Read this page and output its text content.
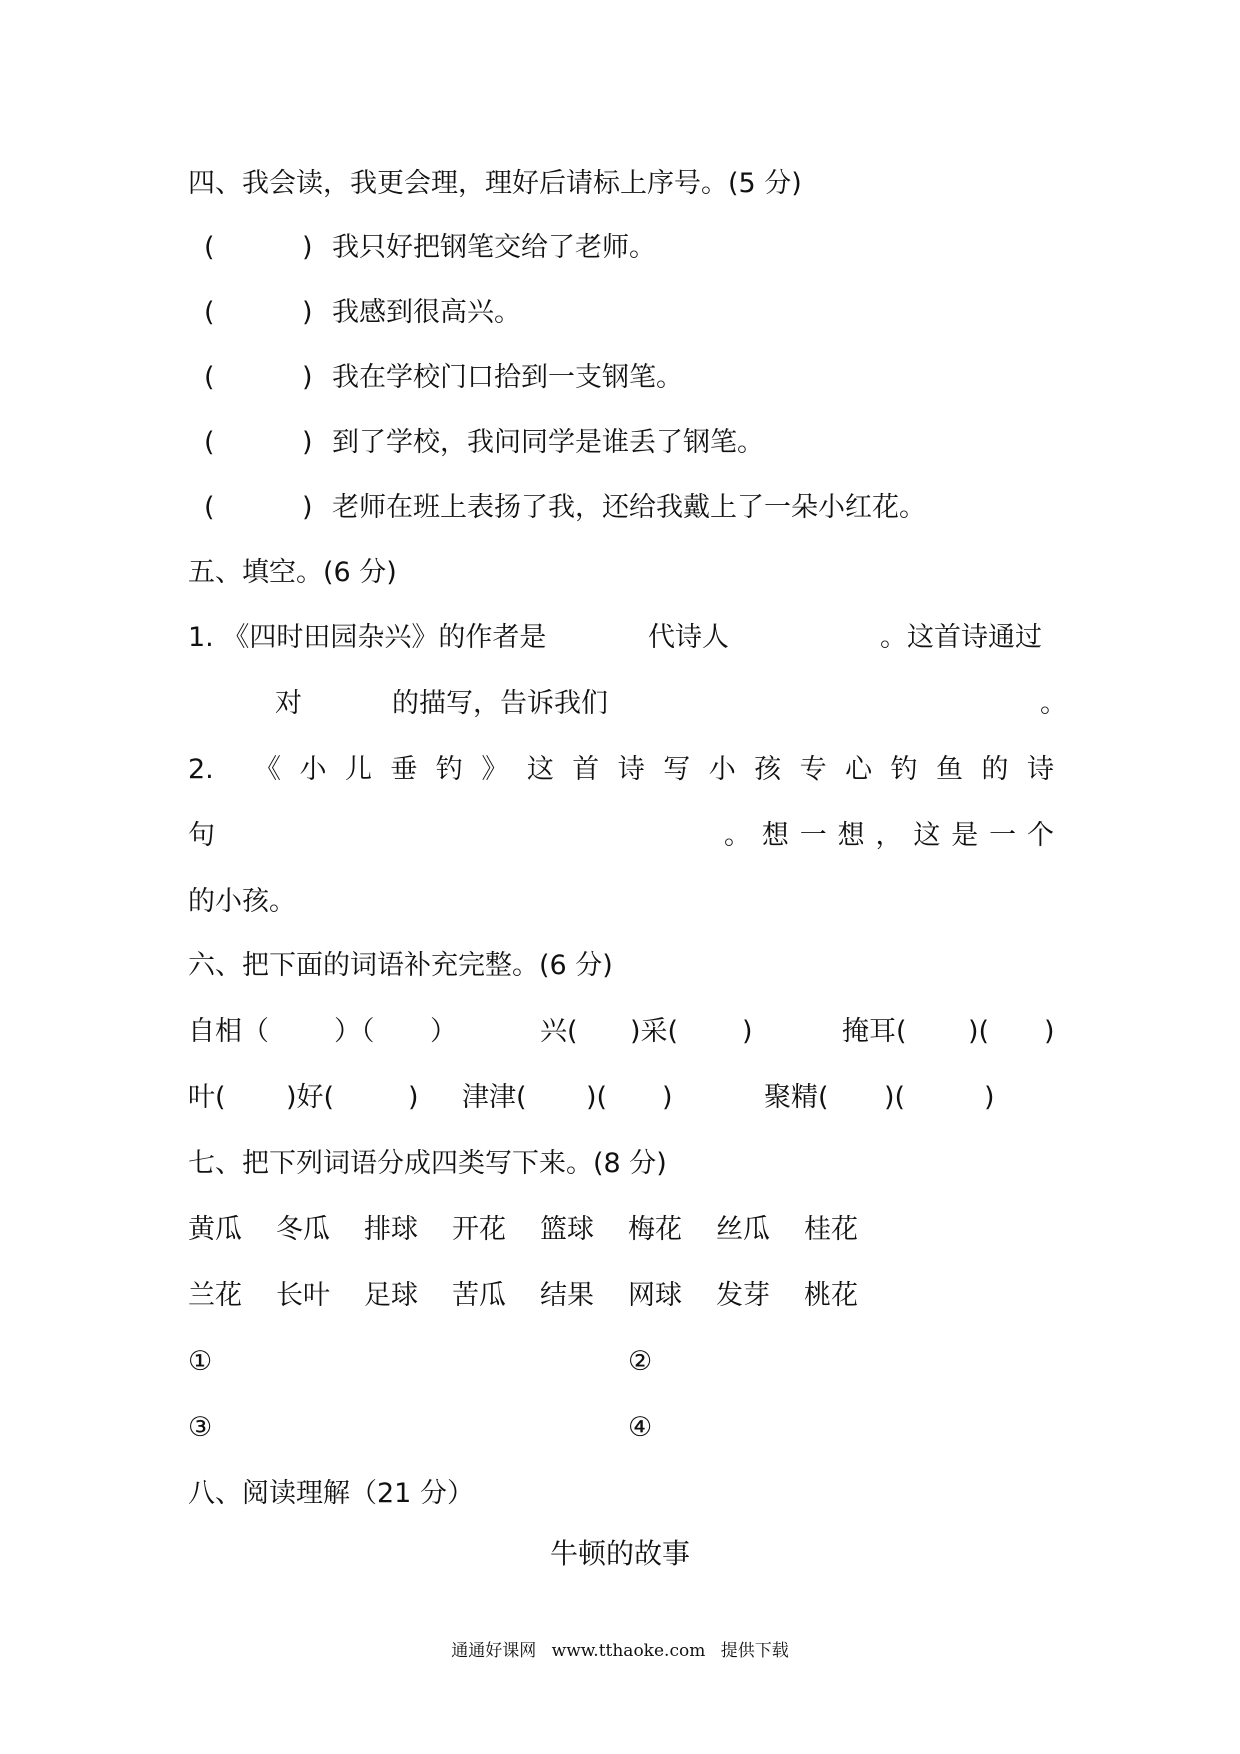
四、我会读，我更会理，理好后请标上序号。(5 分)
(	) 我只好把钢笔交给了老师。
(	) 我感到很高兴。
(	) 我在学校门口拾到一支钢笔。
(	) 到了学校，我问同学是谁丢了钢笔。
(	) 老师在班上表扬了我，还给我戴上了一朵小红花。
五、填空。(6 分)
1. 《四时田园杂兴》的作者是	代诗人	。这首诗通过
对	的描写，告诉我们	。
2. 《 小 儿 垂 钓 》 这 首 诗 写 小 孩 专 心 钓 鱼 的 诗
句	。 想 一 想 ， 这 是 一 个
的小孩。
六、把下面的词语补充完整。(6 分)
自相（ ）（ ）	兴( )采( )	掩耳( )( )
叶( )好(	) 津津( )( )	聚精( )(	)
七、把下列词语分成四类写下来。(8 分)
黄瓜 冬瓜 排球 开花 篮球 梅花 丝瓜 桂花
兰花 长叶 足球 苦瓜 结果 网球 发芽 桃花
①	②
③	④
八、阅读理解（21 分）
牛顿的故事
通通好课网 www.tthaoke.com 提供下载
